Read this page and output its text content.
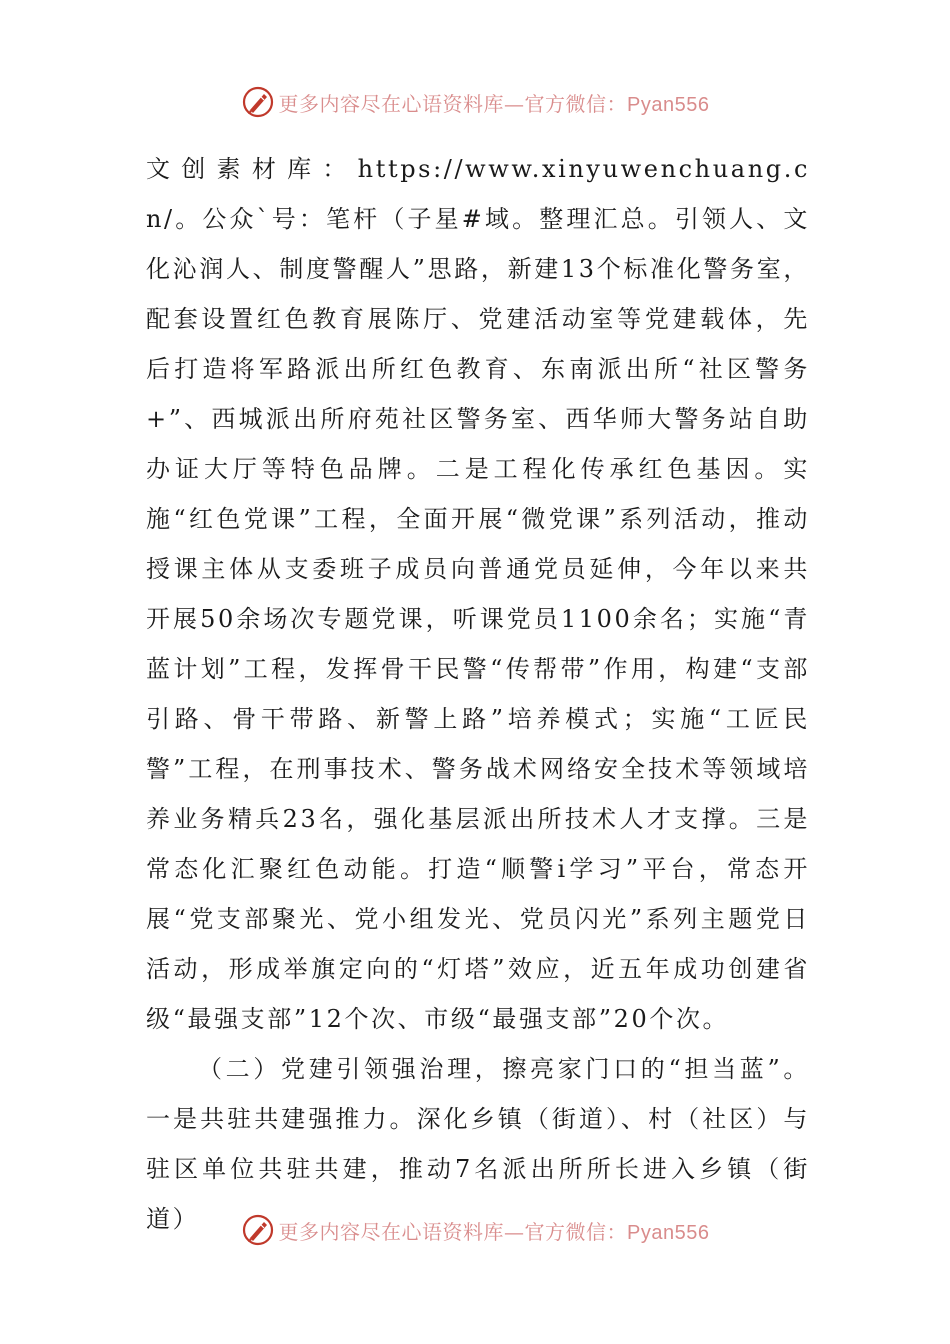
更多内容尽在心语资料库—官方微信：Pyan556

文创素材库：https://www.xinyuwenchuang.cn/。公众`号：笔杆（子星#域。整理汇总。引领人、文化沁润人、制度警醒人”思路，新建13个标准化警务室，配套设置红色教育展陈厅、党建活动室等党建载体，先后打造将军路派出所红色教育、东南派出所“社区警务+”、西城派出所府苑社区警务室、西华师大警务站自助办证大厅等特色品牌。二是工程化传承红色基因。实施“红色党课”工程，全面开展“微党课”系列活动，推动授课主体从支委班子成员向普通党员延伸，今年以来共开展50余场次专题党课，听课党员1100余名；实施“青蓝计划”工程，发挥骨干民警“传帮带”作用，构建“支部引路、骨干带路、新警上路”培养模式；实施“工匠民警”工程，在刑事技术、警务战术网络安全技术等领域培养业务精兵23名，强化基层派出所技术人才支撑。三是常态化汇聚红色动能。打造“顺警i学习”平台，常态开展“党支部聚光、党小组发光、党员闪光”系列主题党日活动，形成举旗定向的“灯塔”效应，近五年成功创建省级“最强支部”12个次、市级“最强支部”20个次。

（二）党建引领强治理，擦亮家门口的“担当蓝”。一是共驻共建强推力。深化乡镇（街道）、村（社区）与驻区单位共驻共建，推动7名派出所所长进入乡镇（街道）	更多内容尽在心语资料库—官方微信：Pyan556
